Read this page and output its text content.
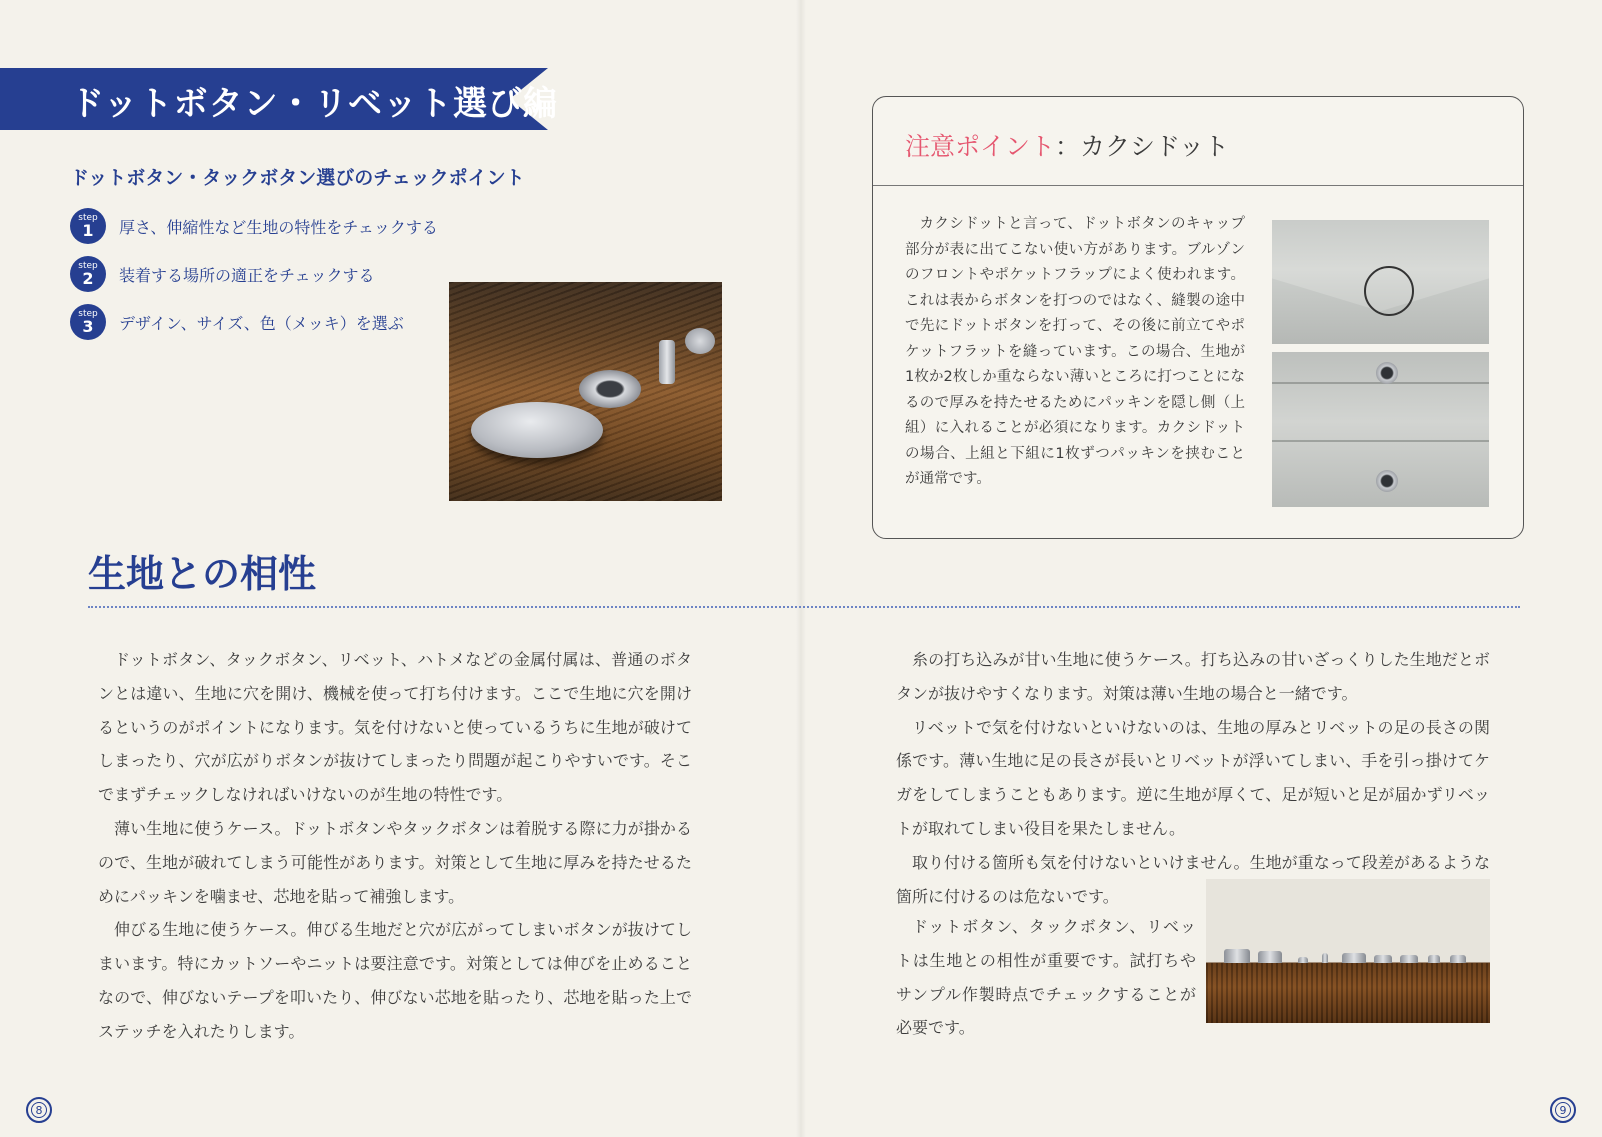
ドットボタン・リベット選び編
ドットボタン・タックボタン選びのチェックポイント
step
1 厚さ、伸縮性など生地の特性をチェックする
step
2 装着する場所の適正をチェックする
step
3 デザイン、サイズ、色（メッキ）を選ぶ
注意ポイント：カクシドット
カクシドットと言って、ドットボタンのキャップ部分が表に出てこない使い方があります。ブルゾンのフロントやポケットフラップによく使われます。これは表からボタンを打つのではなく、縫製の途中で先にドットボタンを打って、その後に前立てやポケットフラットを縫っています。この場合、生地が1枚か2枚しか重ならない薄いところに打つことになるので厚みを持たせるためにパッキンを隠し側（上組）に入れることが必須になります。カクシドットの場合、上組と下組に1枚ずつパッキンを挟むことが通常です。
生地との相性

ドットボタン、タックボタン、リベット、ハトメなどの金属付属は、普通のボタンとは違い、生地に穴を開け、機械を使って打ち付けます。ここで生地に穴を開けるというのがポイントになります。気を付けないと使っているうちに生地が破けてしまったり、穴が広がりボタンが抜けてしまったり問題が起こりやすいです。そこでまずチェックしなければいけないのが生地の特性です。

薄い生地に使うケース。ドットボタンやタックボタンは着脱する際に力が掛かるので、生地が破れてしまう可能性があります。対策として生地に厚みを持たせるためにパッキンを噛ませ、芯地を貼って補強します。

伸びる生地に使うケース。伸びる生地だと穴が広がってしまいボタンが抜けてしまいます。特にカットソーやニットは要注意です。対策としては伸びを止めることなので、伸びないテープを叩いたり、伸びない芯地を貼ったり、芯地を貼った上でステッチを入れたりします。

糸の打ち込みが甘い生地に使うケース。打ち込みの甘いざっくりした生地だとボタンが抜けやすくなります。対策は薄い生地の場合と一緒です。

リベットで気を付けないといけないのは、生地の厚みとリベットの足の長さの関係です。薄い生地に足の長さが長いとリベットが浮いてしまい、手を引っ掛けてケガをしてしまうこともあります。逆に生地が厚くて、足が短いと足が届かずリベットが取れてしまい役目を果たしません。

取り付ける箇所も気を付けないといけません。生地が重なって段差があるような箇所に付けるのは危ないです。

ドットボタン、タックボタン、リベットは生地との相性が重要です。試打ちやサンプル作製時点でチェックすることが必要です。

8	9
